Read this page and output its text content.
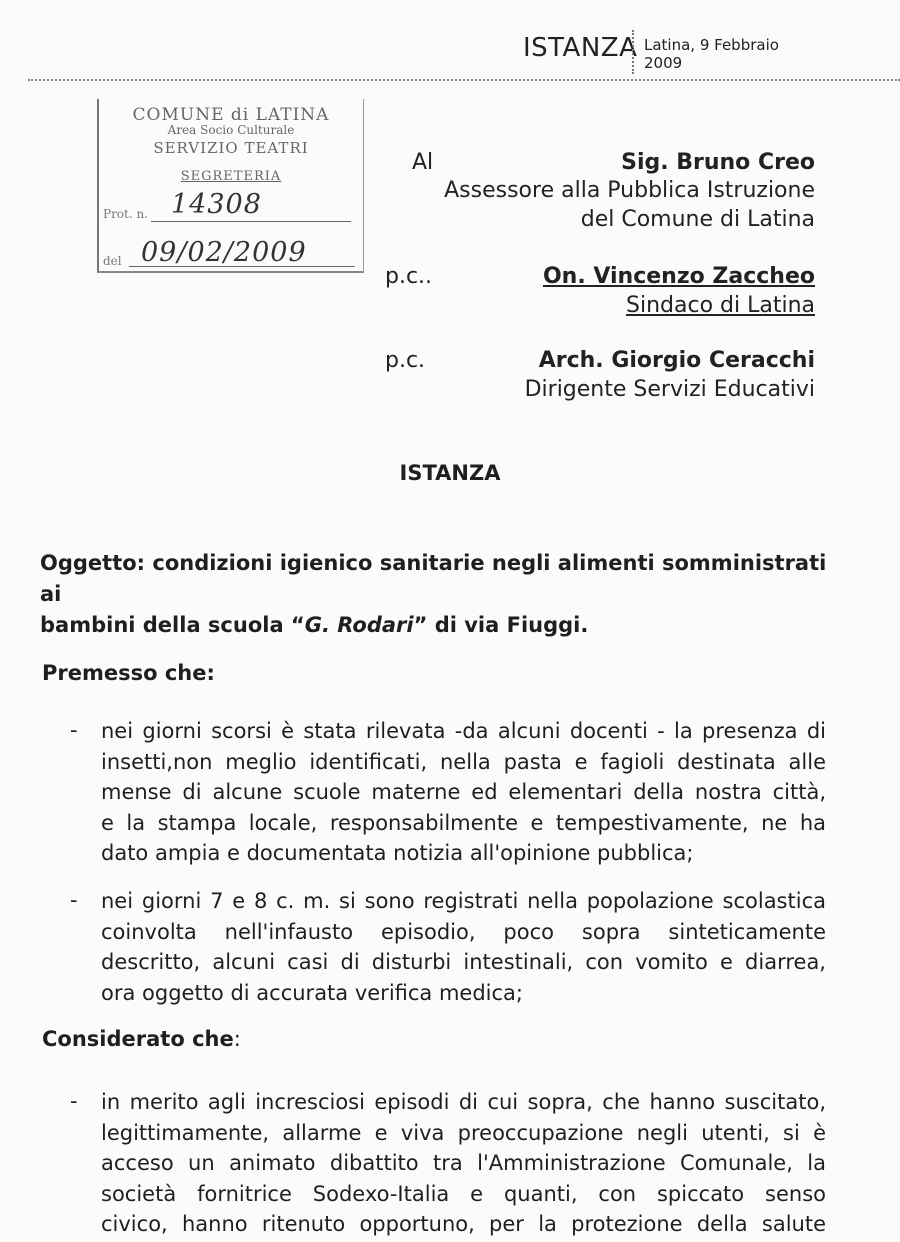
ISTANZA Latina, 9 Febbraio
2009
COMUNE di LATINA
Area Socio Culturale
SERVIZIO TEATRI
SEGRETERIA
Prot. n. 14308
del 09/02/2009
Al	Sig. Bruno Creo
Assessore alla Pubblica Istruzione
del Comune di Latina
p.c..	On. Vincenzo Zaccheo
Sindaco di Latina
p.c.	Arch. Giorgio Ceracchi
Dirigente Servizi Educativi
ISTANZA
Oggetto: condizioni igienico sanitarie negli alimenti somministrati ai
bambini della scuola “G. Rodari” di via Fiuggi.
Premesso che:
- nei giorni scorsi è stata rilevata -da alcuni docenti - la presenza di
insetti,non meglio identificati, nella pasta e fagioli destinata alle
mense di alcune scuole materne ed elementari della nostra città,
e la stampa locale, responsabilmente e tempestivamente, ne ha
dato ampia e documentata notizia all'opinione pubblica;
- nei giorni 7 e 8 c. m. si sono registrati nella popolazione scolastica
coinvolta nell'infausto episodio, poco sopra sinteticamente
descritto, alcuni casi di disturbi intestinali, con vomito e diarrea,
ora oggetto di accurata verifica medica;
Considerato che:
- in merito agli incresciosi episodi di cui sopra, che hanno suscitato,
legittimamente, allarme e viva preoccupazione negli utenti, si è
acceso un animato dibattito tra l'Amministrazione Comunale, la
società fornitrice Sodexo-Italia e quanti, con spiccato senso
civico, hanno ritenuto opportuno, per la protezione della salute
